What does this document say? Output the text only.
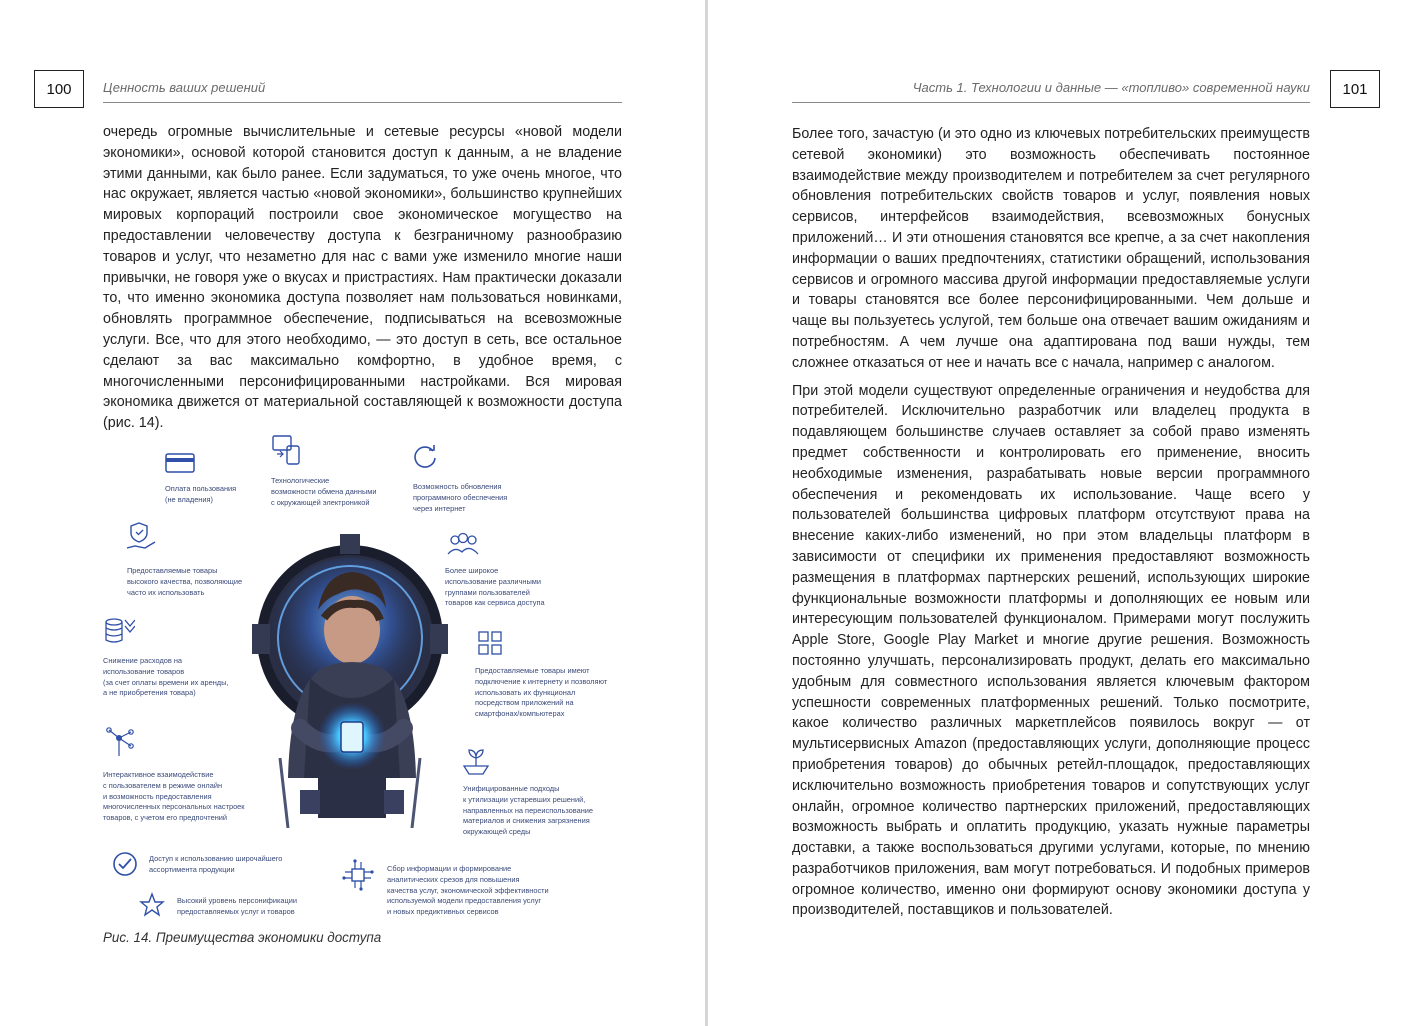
100	Ценность ваших решений

очередь огромные вычислительные и сетевые ресурсы «новой модели экономики», основой которой становится доступ к данным, а не владение этими данными, как было ранее. Если задуматься, то уже очень многое, что нас окружает, является частью «новой экономики», большинство крупнейших мировых корпораций построили свое экономическое могущество на предоставлении человечеству доступа к безграничному разнообразию товаров и услуг, что незаметно для нас с вами уже изменило многие наши привычки, не говоря уже о вкусах и пристрастиях. Нам практически доказали то, что именно экономика доступа позволяет нам пользоваться новинками, обновлять программное обеспечение, подписываться на всевозможные услуги. Все, что для этого необходимо, — это доступ в сеть, все остальное сделают за вас максимально комфортно, в удобное время, с многочисленными персонифицированными настройками. Вся мировая экономика движется от материальной составляющей к возможности доступа (рис. 14).

Оплата пользования
(не владения)
Технологические
возможности обмена данными
с окружающей электроникой
Возможность обновления
программного обеспечения
через интернет
Предоставляемые товары
высокого качества, позволяющие
часто их использовать
Более широкое
использование различными
группами пользователей
товаров как сервиса доступа
Снижение расходов на
использование товаров
(за счет оплаты времени их аренды,
а не приобретения товара)
Предоставляемые товары имеют
подключение к интернету и позволяют
использовать их функционал
посредством приложений на
смартфонах/компьютерах
Интерактивное взаимодействие
с пользователем в режиме онлайн
и возможность предоставления
многочисленных персональных настроек
товаров, с учетом его предпочтений
Унифицированные подходы
к утилизации устаревших решений,
направленных на переиспользование
материалов и снижения загрязнения
окружающей среды
Доступ к использованию широчайшего
ассортимента продукции	Сбор информации и формирование
аналитических срезов для повышения
качества услуг, экономической эффективности
используемой модели предоставления услуг
и новых предиктивных сервисов
Высокий уровень персонификации
предоставляемых услуг и товаров
Рис. 14. Преимущества экономики доступа
Часть 1. Технологии и данные — «топливо» современной науки	101

Более того, зачастую (и это одно из ключевых потребительских преимуществ сетевой экономики) это возможность обеспечивать постоянное взаимодействие между производителем и потребителем за счет регулярного обновления потребительских свойств товаров и услуг, появления новых сервисов, интерфейсов взаимодействия, всевозможных бонусных приложений… И эти отношения становятся все крепче, а за счет накопления информации о ваших предпочтениях, статистики обращений, использования сервисов и огромного массива другой информации предоставляемые услуги и товары становятся все более персонифицированными. Чем дольше и чаще вы пользуетесь услугой, тем больше она отвечает вашим ожиданиям и потребностям. А чем лучше она адаптирована под ваши нужды, тем сложнее отказаться от нее и начать все с начала, например с аналогом.

При этой модели существуют определенные ограничения и неудобства для потребителей. Исключительно разработчик или владелец продукта в подавляющем большинстве случаев оставляет за собой право изменять предмет собственности и контролировать его применение, вносить необходимые изменения, разрабатывать новые версии программного обеспечения и рекомендовать их использование. Чаще всего у пользователей большинства цифровых платформ отсутствуют права на внесение каких-либо изменений, но при этом владельцы платформ в зависимости от специфики их применения предоставляют возможность размещения в платформах партнерских решений, использующих широкие функциональные возможности платформы и дополняющих ее новым или интересующим пользователей функционалом. Примерами могут послужить Apple Store, Google Play Market и многие другие решения. Возможность постоянно улучшать, персонализировать продукт, делать его максимально удобным для совместного использования является ключевым фактором успешности современных платформенных решений. Только посмотрите, какое количество различных маркетплейсов появилось вокруг — от мультисервисных Amazon (предоставляющих услуги, дополняющие процесс приобретения товаров) до обычных ретейл-площадок, предоставляющих исключительно возможность приобретения товаров и сопутствующих услуг онлайн, огромное количество партнерских приложений, предоставляющих возможность выбрать и оплатить продукцию, указать нужные параметры доставки, а также воспользоваться другими услугами, которые, по мнению разработчиков приложения, вам могут потребоваться. И подобных примеров огромное количество, именно они формируют основу экономики доступа у производителей, поставщиков и пользователей.
